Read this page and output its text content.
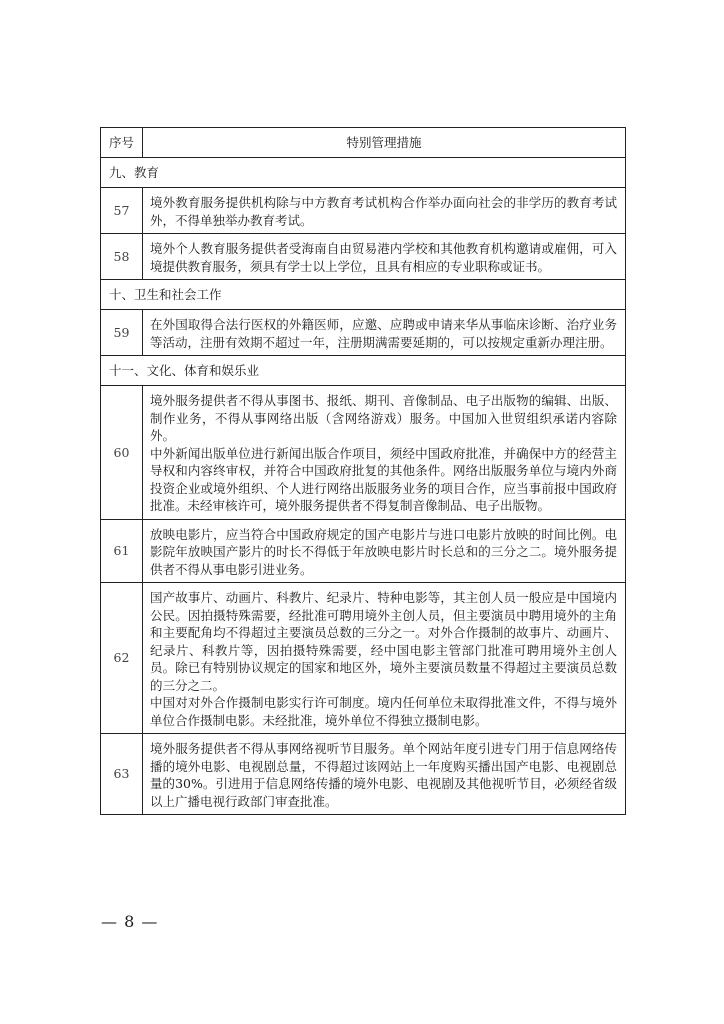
序号	特别管理措施
九、教育	
57	境外教育服务提供机构除与中方教育考试机构合作举办面向社会的非学历的教育考试外，不得单独举办教育考试。

58	境外个人教育服务提供者受海南自由贸易港内学校和其他教育机构邀请或雇佣，可入境提供教育服务，须具有学士以上学位，且具有相应的专业职称或证书。

十、卫生和社会工作	
59	在外国取得合法行医权的外籍医师，应邀、应聘或申请来华从事临床诊断、治疗业务等活动，注册有效期不超过一年，注册期满需要延期的，可以按规定重新办理注册。

十一、文化、体育和娱乐业	
60	境外服务提供者不得从事图书、报纸、期刊、音像制品、电子出版物的编辑、出版、制作业务，不得从事网络出版（含网络游戏）服务。中国加入世贸组织承诺内容除外。

中外新闻出版单位进行新闻出版合作项目，须经中国政府批准，并确保中方的经营主导权和内容终审权，并符合中国政府批复的其他条件。网络出版服务单位与境内外商投资企业或境外组织、个人进行网络出版服务业务的项目合作，应当事前报中国政府批准。未经审核许可，境外服务提供者不得复制音像制品、电子出版物。

61	放映电影片，应当符合中国政府规定的国产电影片与进口电影片放映的时间比例。电影院年放映国产影片的时长不得低于年放映电影片时长总和的三分之二。境外服务提供者不得从事电影引进业务。

62	国产故事片、动画片、科教片、纪录片、特种电影等，其主创人员一般应是中国境内公民。因拍摄特殊需要，经批准可聘用境外主创人员，但主要演员中聘用境外的主角和主要配角均不得超过主要演员总数的三分之一。对外合作摄制的故事片、动画片、纪录片、科教片等，因拍摄特殊需要，经中国电影主管部门批准可聘用境外主创人员。除已有特别协议规定的国家和地区外，境外主要演员数量不得超过主要演员总数的三分之二。

中国对对外合作摄制电影实行许可制度。境内任何单位未取得批准文件，不得与境外单位合作摄制电影。未经批准，境外单位不得独立摄制电影。

63	境外服务提供者不得从事网络视听节目服务。单个网站年度引进专门用于信息网络传播的境外电影、电视剧总量，不得超过该网站上一年度购买播出国产电影、电视剧总量的30%。引进用于信息网络传播的境外电影、电视剧及其他视听节目，必须经省级以上广播电视行政部门审查批准。

— 8 —
